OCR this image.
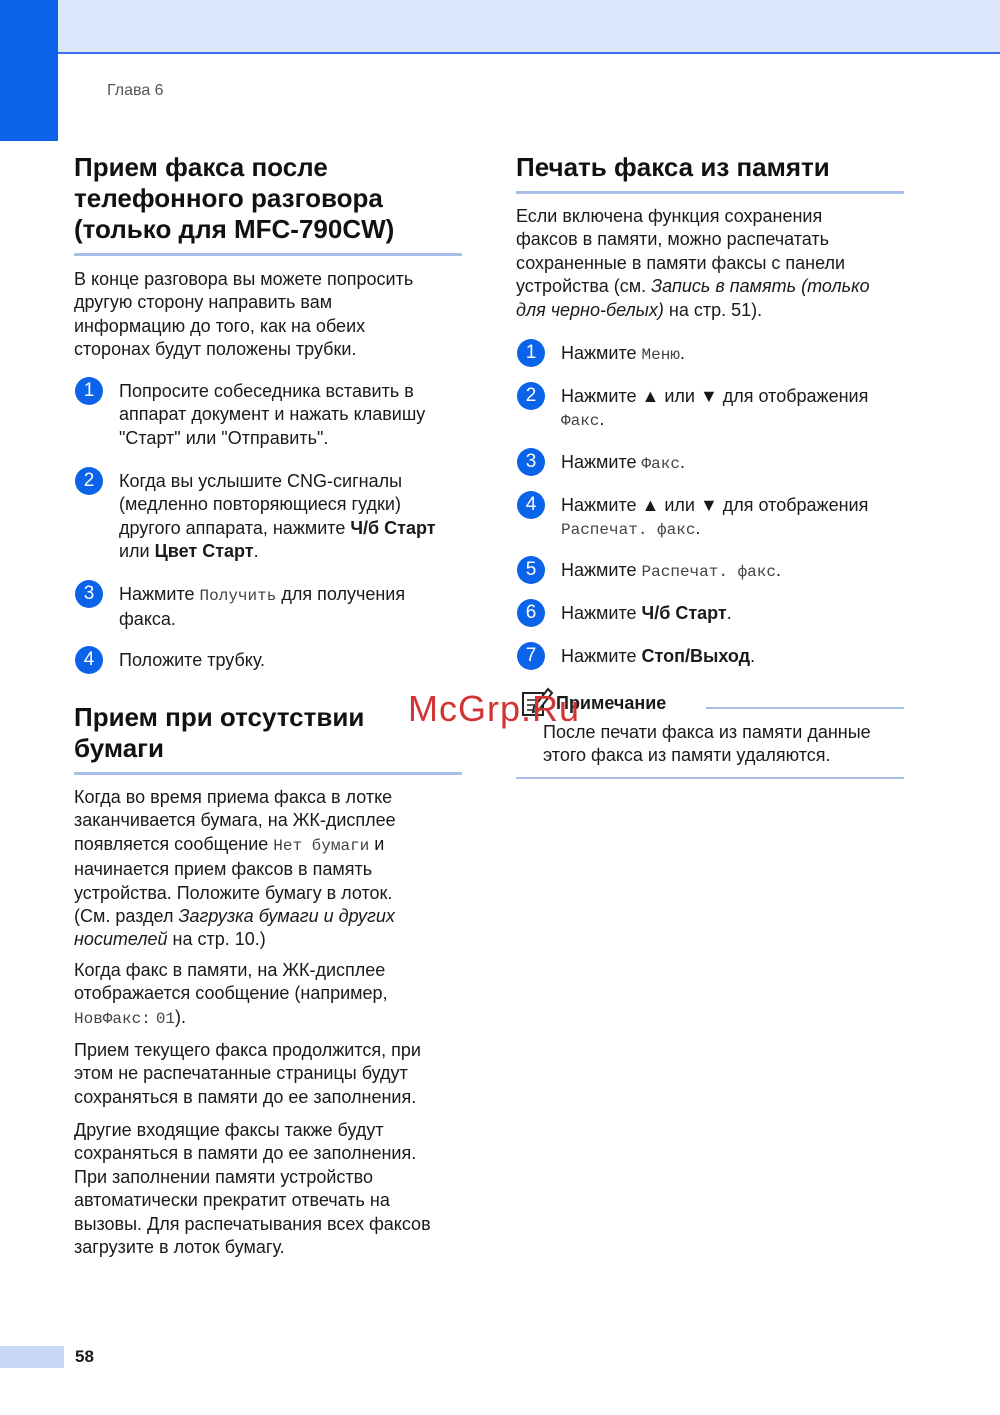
Глава 6
Прием факса после
телефонного разговора
(только для MFC-790CW)

В конце разговора вы можете попросить
другую сторону направить вам
информацию до того, как на обеих
сторонах будут положены трубки.

1	Попросите собеседника вставить в
аппарат документ и нажать клавишу
"Старт" или "Отправить".
2	Когда вы услышите CNG-сигналы
(медленно повторяющиеся гудки)
другого аппарата, нажмите Ч/б Старт
или Цвет Старт.
3	Нажмите Получить для получения
факса.
4	Положите трубку.
Прием при отсутствии
бумаги

Когда во время приема факса в лотке
заканчивается бумага, на ЖК-дисплее
появляется сообщение Нет бумаги и
начинается прием факсов в память
устройства. Положите бумагу в лоток.
(См. раздел Загрузка бумаги и других
носителей на стр. 10.)

Когда факс в памяти, на ЖК-дисплее
отображается сообщение (например,
НовФакс: 01).

Прием текущего факса продолжится, при
этом не распечатанные страницы будут
сохраняться в памяти до ее заполнения.

Другие входящие факсы также будут
сохраняться в памяти до ее заполнения.
При заполнении памяти устройство
автоматически прекратит отвечать на
вызовы. Для распечатывания всех факсов
загрузите в лоток бумагу.

Печать факса из памяти

Если включена функция сохранения
факсов в памяти, можно распечатать
сохраненные в памяти факсы с панели
устройства (см. Запись в память (только
для черно-белых) на стр. 51).

1	Нажмите Меню.
2	Нажмите ▲ или ▼ для отображения
Факс.
3	Нажмите Факс.
4	Нажмите ▲ или ▼ для отображения
Распечат. факс.
5	Нажмите Распечат. факс.
6	Нажмите Ч/б Старт.
7	Нажмите Стоп/Выход.
Примечание
После печати факса из памяти данные
этого факса из памяти удаляются.
McGrp.Ru
58
